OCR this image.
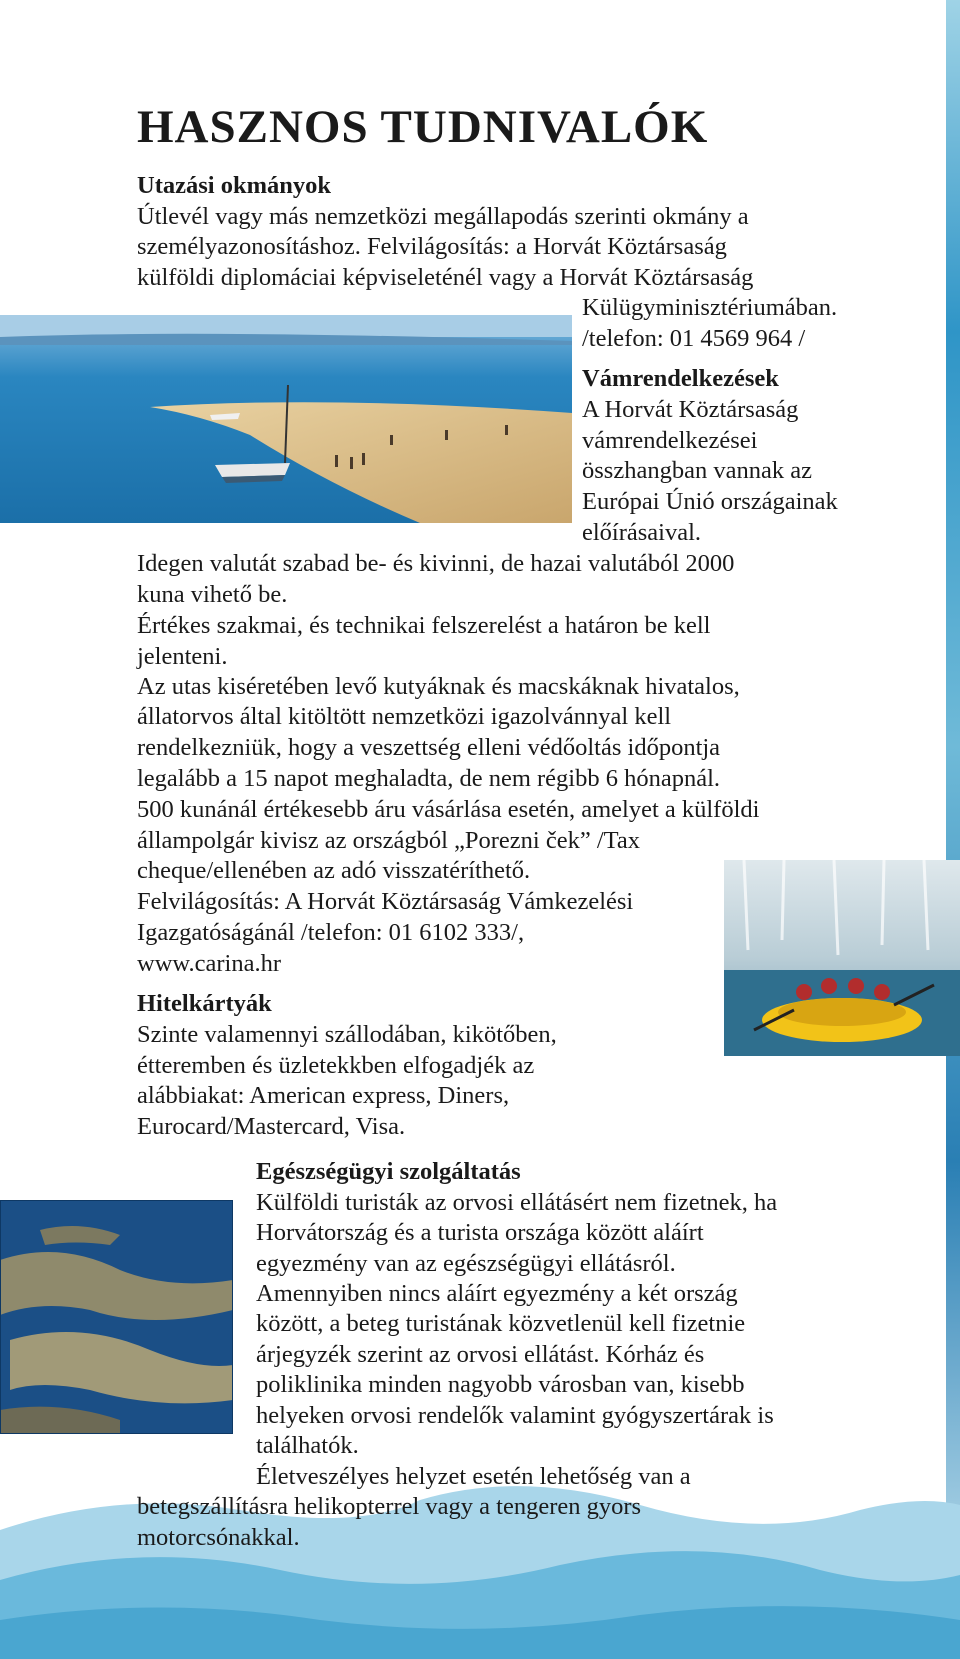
HASZNOS TUDNIVALÓK
Utazási okmányok
Útlevél vagy más nemzetközi megállapodás szerinti okmány a
személyazonosításhoz. Felvilágosítás: a Horvát Köztársaság
külföldi diplomáciai képviseleténél vagy a Horvát Köztársaság
Külügyminisztériumában.
/telefon: 01 4569 964 /
Vámrendelkezések
A Horvát Köztársaság
vámrendelkezései
összhangban vannak az
Európai Únió országainak
előírásaival.
Idegen valutát szabad be- és kivinni, de hazai valutából 2000
kuna vihető be.
Értékes szakmai, és technikai felszerelést a határon be kell
jelenteni.
Az utas kiséretében levő kutyáknak és macskáknak hivatalos,
állatorvos által kitöltött nemzetközi igazolvánnyal kell
rendelkezniük, hogy a veszettség elleni védőoltás időpontja
legalább a 15 napot meghaladta, de nem régibb 6 hónapnál.
500 kunánál értékesebb áru vásárlása esetén, amelyet a külföldi
állampolgár kivisz az országból „Porezni ček” /Tax
cheque/ellenében az adó visszatéríthető.
Felvilágosítás: A Horvát Köztársaság Vámkezelési
Igazgatóságánál /telefon: 01 6102 333/,
www.carina.hr
Hitelkártyák
Szinte valamennyi szállodában, kikötőben,
étteremben és üzletekkben elfogadjék az
alábbiakat: American express, Diners,
Eurocard/Mastercard, Visa.
Egészségügyi szolgáltatás
Külföldi turisták az orvosi ellátásért nem fizetnek, ha
Horvátország és a turista országa között aláírt
egyezmény van az egészségügyi ellátásról.
Amennyiben nincs aláírt egyezmény a két ország
között, a beteg turistának közvetlenül kell fizetnie
árjegyzék szerint az orvosi ellátást. Kórház és
poliklinika minden nagyobb városban van, kisebb
helyeken orvosi rendelők valamint gyógyszertárak is
találhatók.
Életveszélyes helyzet esetén lehetőség van a
betegszállításra helikopterrel vagy a tengeren gyors
motorcsónakkal.
